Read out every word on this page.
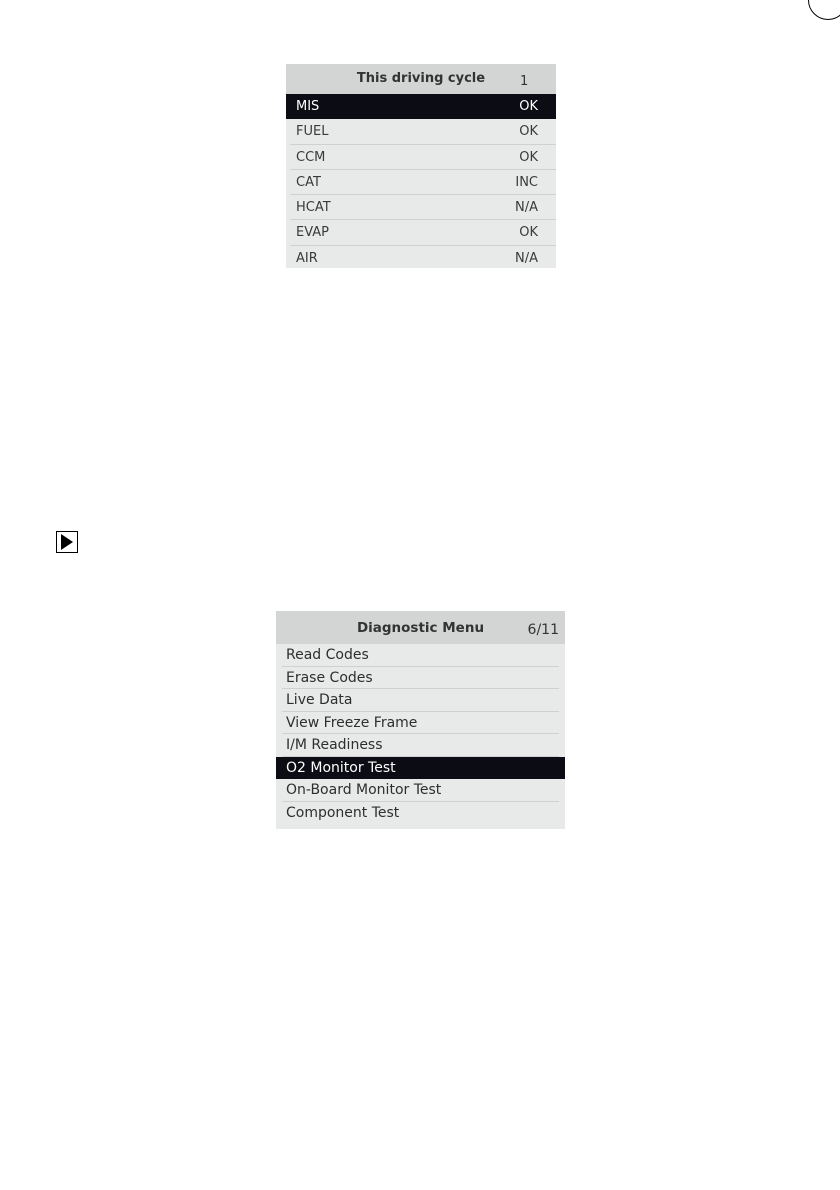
This driving cycle	1
MIS	OK
FUEL	OK
CCM	OK
CAT	INC
HCAT	N/A
EVAP	OK
AIR	N/A
Diagnostic Menu	6/11
Read Codes
Erase Codes
Live Data
View Freeze Frame
I/M Readiness
O2 Monitor Test
On-Board Monitor Test
Component Test
